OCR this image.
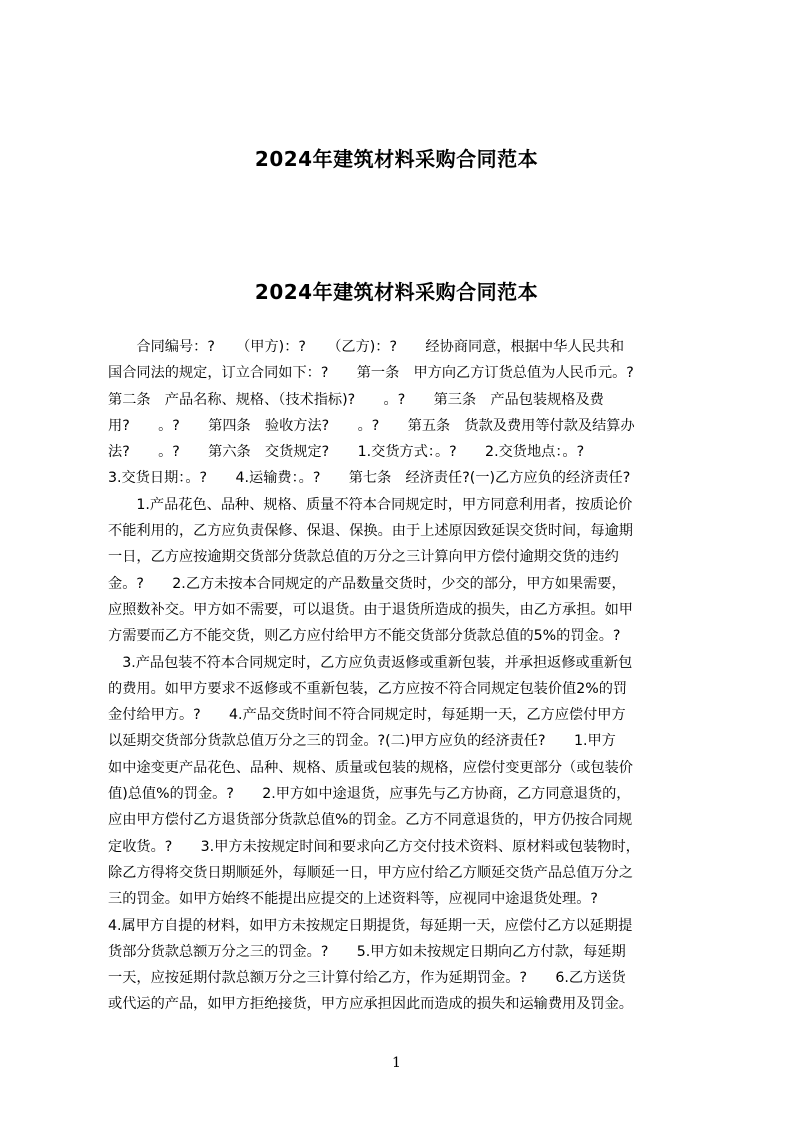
2024年建筑材料采购合同范本
2024年建筑材料采购合同范本
　　合同编号：?　　（甲方)：?　　（乙方)：?　　经协商同意，根据中华人民共和
国合同法的规定，订立合同如下：?　　第一条　甲方向乙方订货总值为人民币元。?
第二条　产品名称、规格、（技术指标)?　　。?　　第三条　产品包装规格及费
用?　　。?　　第四条　验收方法?　　。?　　第五条　货款及费用等付款及结算办
法?　　。?　　第六条　交货规定?　　1.交货方式：。?　　2.交货地点：。?
3.交货日期：。?　　4.运输费：。?　　第七条　经济责任?(一)乙方应负的经济责任?
　　1.产品花色、品种、规格、质量不符本合同规定时，甲方同意利用者，按质论价
不能利用的，乙方应负责保修、保退、保换。由于上述原因致延误交货时间，每逾期
一日，乙方应按逾期交货部分货款总值的万分之三计算向甲方偿付逾期交货的违约
金。?　　2.乙方未按本合同规定的产品数量交货时，少交的部分，甲方如果需要，
应照数补交。甲方如不需要，可以退货。由于退货所造成的损失，由乙方承担。如甲
方需要而乙方不能交货，则乙方应付给甲方不能交货部分货款总值的5%的罚金。?
　3.产品包装不符本合同规定时，乙方应负责返修或重新包装，并承担返修或重新包
的费用。如甲方要求不返修或不重新包装，乙方应按不符合同规定包装价值2%的罚
金付给甲方。?　　4.产品交货时间不符合同规定时，每延期一天，乙方应偿付甲方
以延期交货部分货款总值万分之三的罚金。?(二)甲方应负的经济责任?　　1.甲方
如中途变更产品花色、品种、规格、质量或包装的规格，应偿付变更部分（或包装价
值)总值%的罚金。?　　2.甲方如中途退货，应事先与乙方协商，乙方同意退货的，
应由甲方偿付乙方退货部分货款总值%的罚金。乙方不同意退货的，甲方仍按合同规
定收货。?　　3.甲方未按规定时间和要求向乙方交付技术资料、原材料或包装物时，
除乙方得将交货日期顺延外，每顺延一日，甲方应付给乙方顺延交货产品总值万分之
三的罚金。如甲方始终不能提出应提交的上述资料等，应视同中途退货处理。?
4.属甲方自提的材料，如甲方未按规定日期提货，每延期一天，应偿付乙方以延期提
货部分货款总额万分之三的罚金。?　　5.甲方如未按规定日期向乙方付款，每延期
一天，应按延期付款总额万分之三计算付给乙方，作为延期罚金。?　　6.乙方送货
或代运的产品，如甲方拒绝接货，甲方应承担因此而造成的损失和运输费用及罚金。
1
